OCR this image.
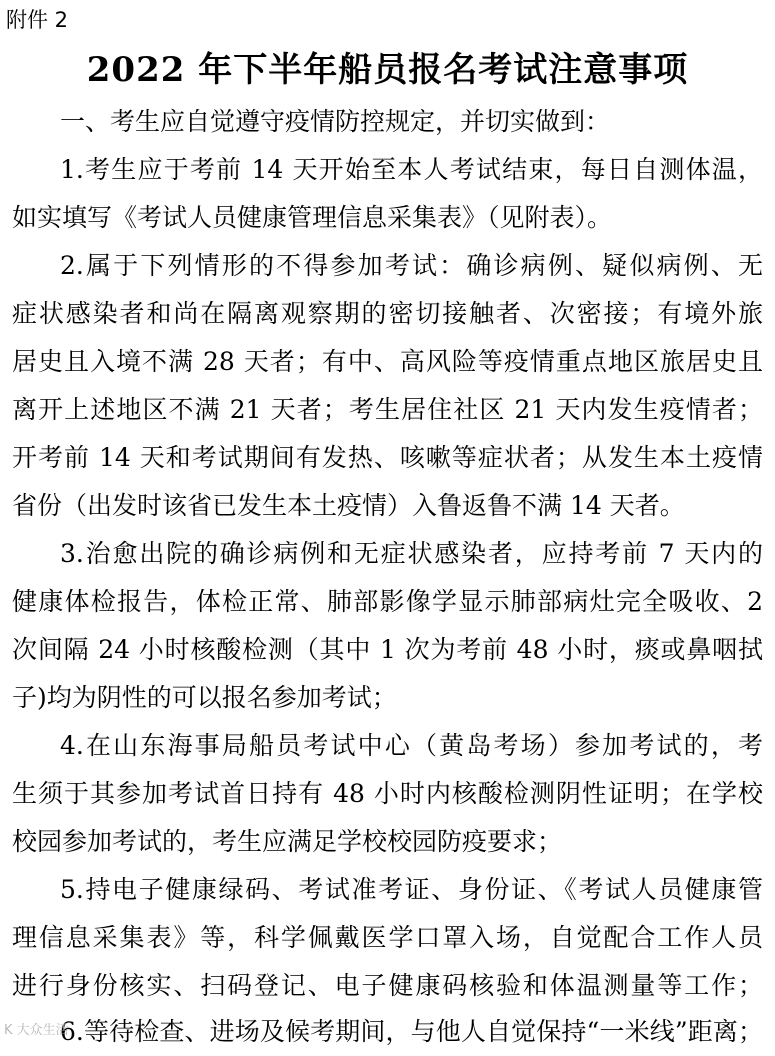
附件 2
2022 年下半年船员报名考试注意事项
一、考生应自觉遵守疫情防控规定，并切实做到：
1.考生应于考前 14 天开始至本人考试结束，每日自测体温，
如实填写《考试人员健康管理信息采集表》（见附表）。
2.属于下列情形的不得参加考试：确诊病例、疑似病例、无
症状感染者和尚在隔离观察期的密切接触者、次密接；有境外旅
居史且入境不满 28 天者；有中、高风险等疫情重点地区旅居史且
离开上述地区不满 21 天者；考生居住社区 21 天内发生疫情者；
开考前 14 天和考试期间有发热、咳嗽等症状者；从发生本土疫情
省份（出发时该省已发生本土疫情）入鲁返鲁不满 14 天者。
3.治愈出院的确诊病例和无症状感染者，应持考前 7 天内的
健康体检报告，体检正常、肺部影像学显示肺部病灶完全吸收、2
次间隔 24 小时核酸检测（其中 1 次为考前 48 小时，痰或鼻咽拭
子)均为阴性的可以报名参加考试；
4.在山东海事局船员考试中心（黄岛考场）参加考试的，考
生须于其参加考试首日持有 48 小时内核酸检测阴性证明；在学校
校园参加考试的，考生应满足学校校园防疫要求；
5.持电子健康绿码、考试准考证、身份证、《考试人员健康管
理信息采集表》等，科学佩戴医学口罩入场，自觉配合工作人员
进行身份核实、扫码登记、电子健康码核验和体温测量等工作；
6.等待检查、进场及候考期间，与他人自觉保持“一米线”距离；
K 大众生活
